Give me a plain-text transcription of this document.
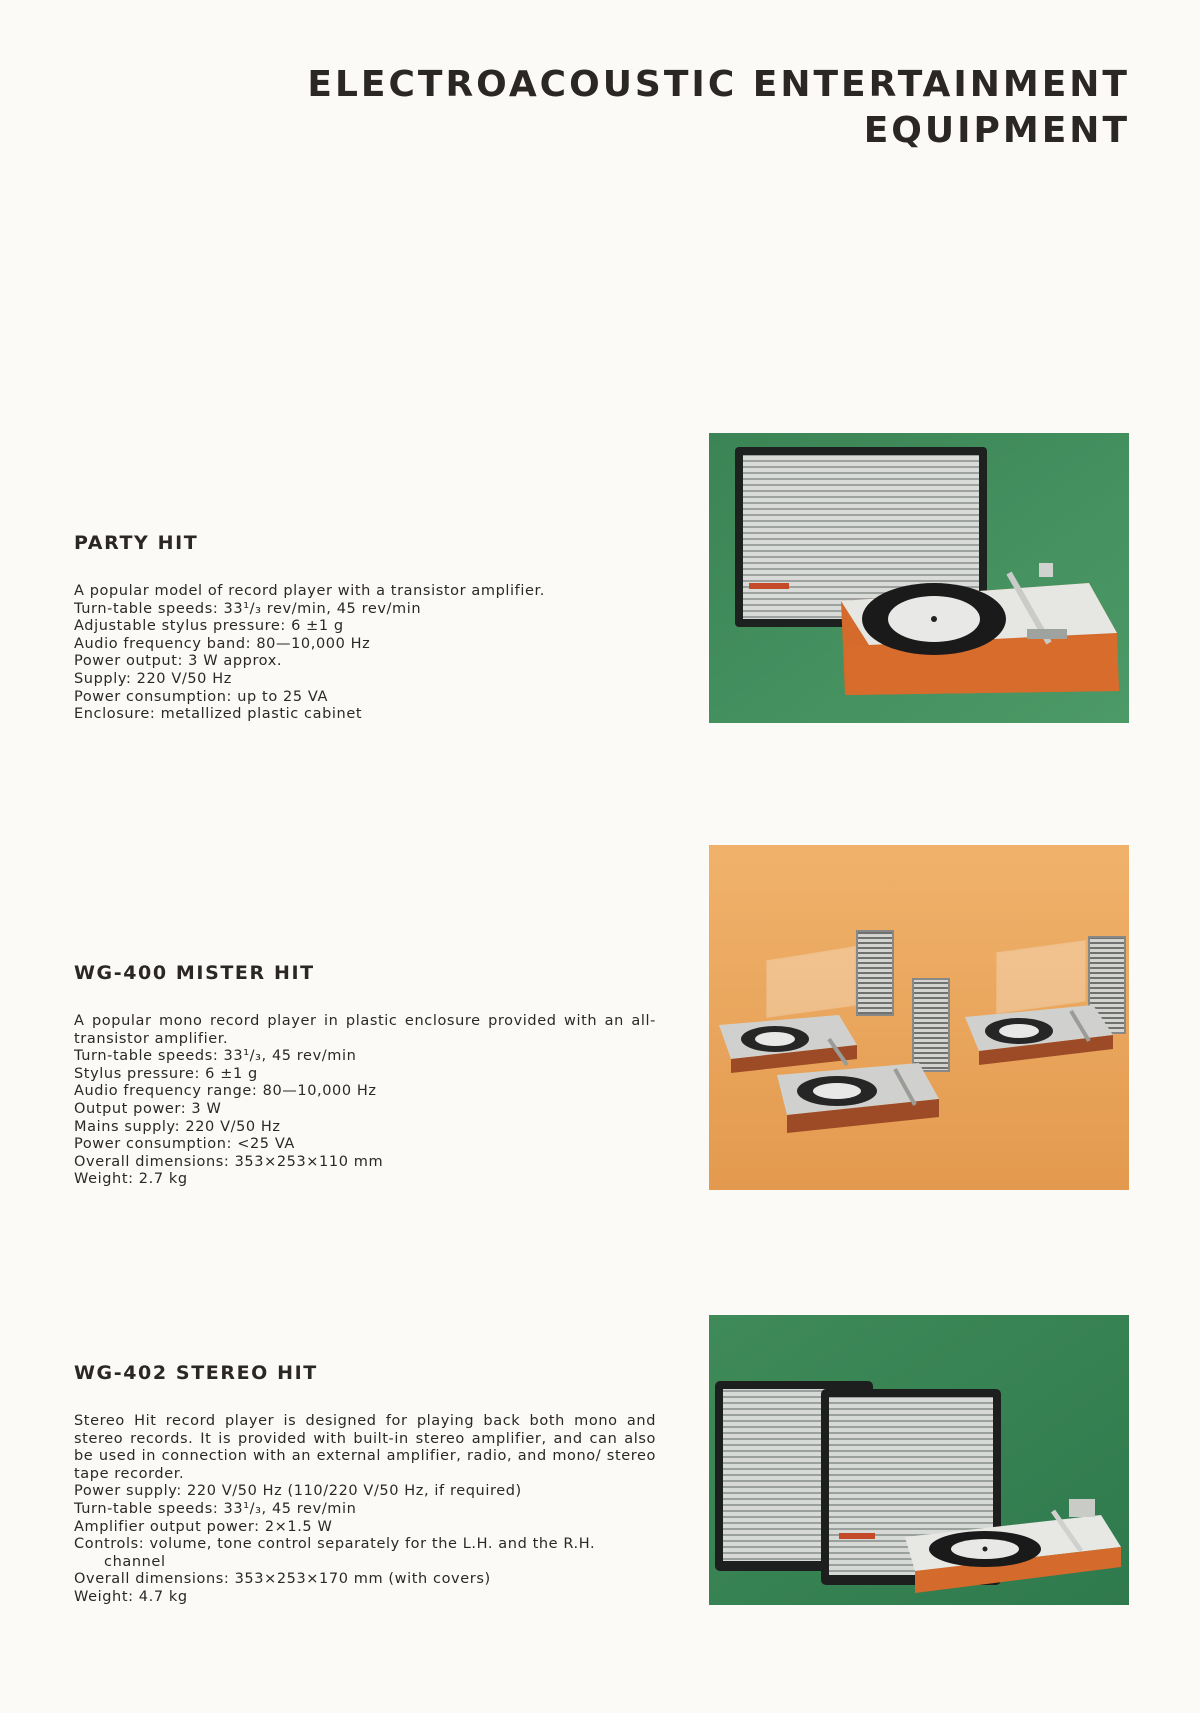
ELECTROACOUSTIC ENTERTAINMENT
EQUIPMENT
PARTY HIT
A popular model of record player with a transistor amplifier.
Turn-table speeds: 33¹/₃ rev/min, 45 rev/min
Adjustable stylus pressure: 6 ±1 g
Audio frequency band: 80—10,000 Hz
Power output: 3 W approx.
Supply: 220 V/50 Hz
Power consumption: up to 25 VA
Enclosure: metallized plastic cabinet
WG-400 MISTER HIT
A popular mono record player in plastic enclosure provided with an all-transistor amplifier.
Turn-table speeds: 33¹/₃, 45 rev/min
Stylus pressure: 6 ±1 g
Audio frequency range: 80—10,000 Hz
Output power: 3 W
Mains supply: 220 V/50 Hz
Power consumption: <25 VA
Overall dimensions: 353×253×110 mm
Weight: 2.7 kg
WG-402 STEREO HIT
Stereo Hit record player is designed for playing back both mono and stereo records. It is provided with built-in stereo amplifier, and can also be used in connection with an external amplifier, radio, and mono/ stereo tape recorder.
Power supply: 220 V/50 Hz (110/220 V/50 Hz, if required)
Turn-table speeds: 33¹/₃, 45 rev/min
Amplifier output power: 2×1.5 W
Controls: volume, tone control separately for the L.H. and the R.H.
channel
Overall dimensions: 353×253×170 mm (with covers)
Weight: 4.7 kg
